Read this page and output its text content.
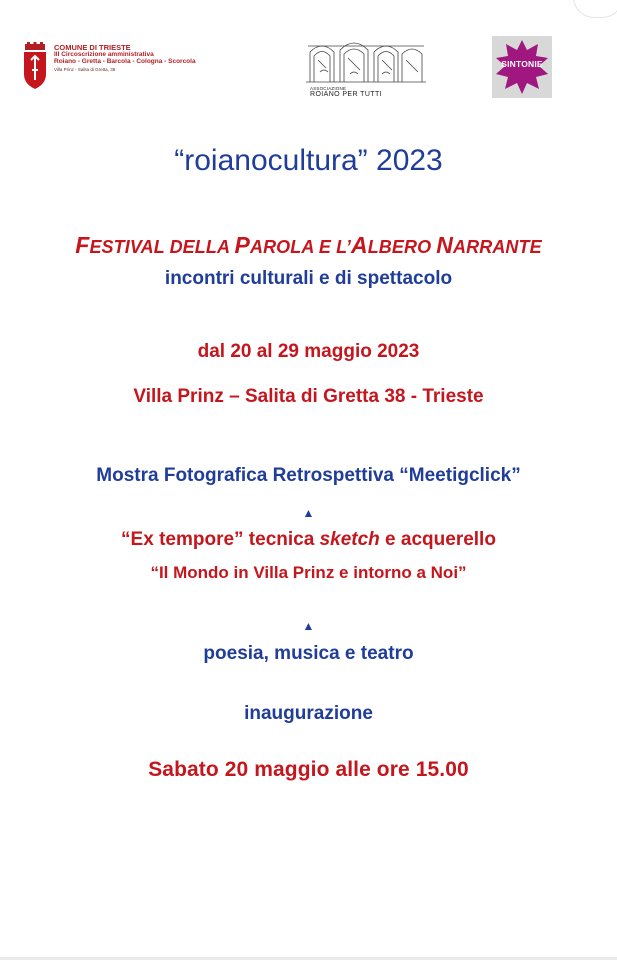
COMUNE DI TRIESTE
III Circoscrizione amministrativa
Roiano - Gretta - Barcola - Cologna - Scorcola
Villa Prinz - Salita di Gretta, 38
ASSOCIAZIONE
ROIANO PER TUTTI
SINTONIE
“roianocultura” 2023
FESTIVAL DELLA PAROLA E L’ALBERO NARRANTE
incontri culturali e di spettacolo
dal 20 al 29 maggio 2023
Villa Prinz – Salita di Gretta 38 - Trieste
Mostra Fotografica Retrospettiva “Meetigclick”
▲
“Ex tempore” tecnica sketch e acquerello
“Il Mondo in Villa Prinz e intorno a Noi”
▲
poesia, musica e teatro
inaugurazione
Sabato 20 maggio alle ore 15.00
